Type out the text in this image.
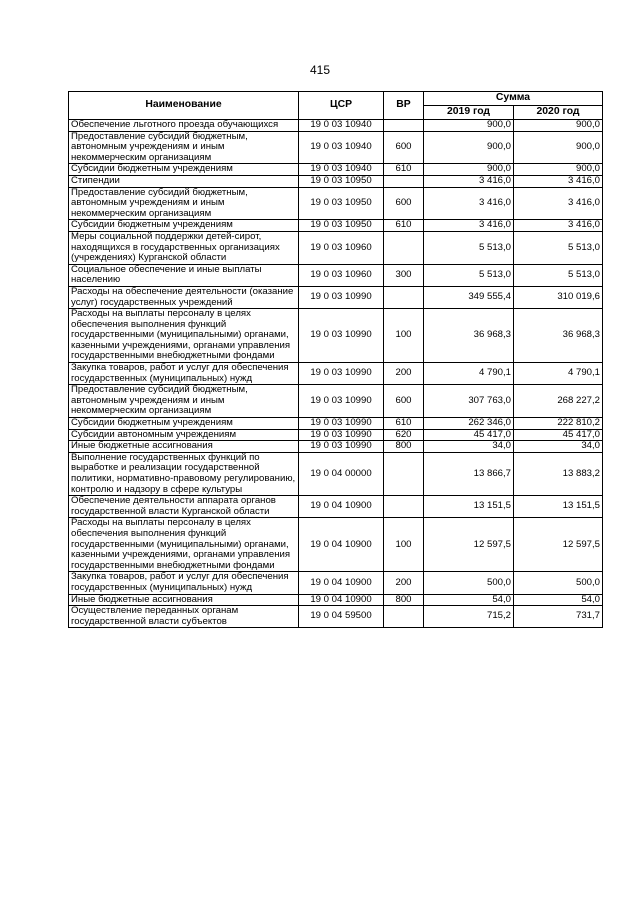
415
Наименование	ЦСР	ВР	Сумма	
			2019 год	2020 год
Обеспечение льготного проезда обучающихся	19 0 03 10940		900,0	900,0
Предоставление субсидий бюджетным, автономным учреждениям и иным некоммерческим организациям	19 0 03 10940	600	900,0	900,0
Субсидии бюджетным учреждениям	19 0 03 10940	610	900,0	900,0
Стипендии	19 0 03 10950		3 416,0	3 416,0
Предоставление субсидий бюджетным, автономным учреждениям и иным некоммерческим организациям	19 0 03 10950	600	3 416,0	3 416,0
Субсидии бюджетным учреждениям	19 0 03 10950	610	3 416,0	3 416,0
Меры социальной поддержки детей-сирот, находящихся в государственных организациях (учреждениях) Курганской области	19 0 03 10960		5 513,0	5 513,0
Социальное обеспечение и иные выплаты населению	19 0 03 10960	300	5 513,0	5 513,0
Расходы на обеспечение деятельности (оказание услуг) государственных учреждений	19 0 03 10990		349 555,4	310 019,6
Расходы на выплаты персоналу в целях обеспечения выполнения функций государственными (муниципальными) органами, казенными учреждениями, органами управления государственными внебюджетными фондами	19 0 03 10990	100	36 968,3	36 968,3
Закупка товаров, работ и услуг для обеспечения государственных (муниципальных) нужд	19 0 03 10990	200	4 790,1	4 790,1
Предоставление субсидий бюджетным, автономным учреждениям и иным некоммерческим организациям	19 0 03 10990	600	307 763,0	268 227,2
Субсидии бюджетным учреждениям	19 0 03 10990	610	262 346,0	222 810,2
Субсидии автономным учреждениям	19 0 03 10990	620	45 417,0	45 417,0
Иные бюджетные ассигнования	19 0 03 10990	800	34,0	34,0
Выполнение государственных функций по выработке и реализации государственной политики, нормативно-правовому регулированию, контролю и надзору в сфере культуры	19 0 04 00000		13 866,7	13 883,2
Обеспечение деятельности аппарата органов государственной власти Курганской области	19 0 04 10900		13 151,5	13 151,5
Расходы на выплаты персоналу в целях обеспечения выполнения функций государственными (муниципальными) органами, казенными учреждениями, органами управления государственными внебюджетными фондами	19 0 04 10900	100	12 597,5	12 597,5
Закупка товаров, работ и услуг для обеспечения государственных (муниципальных) нужд	19 0 04 10900	200	500,0	500,0
Иные бюджетные ассигнования	19 0 04 10900	800	54,0	54,0
Осуществление переданных органам государственной власти субъектов	19 0 04 59500		715,2	731,7
